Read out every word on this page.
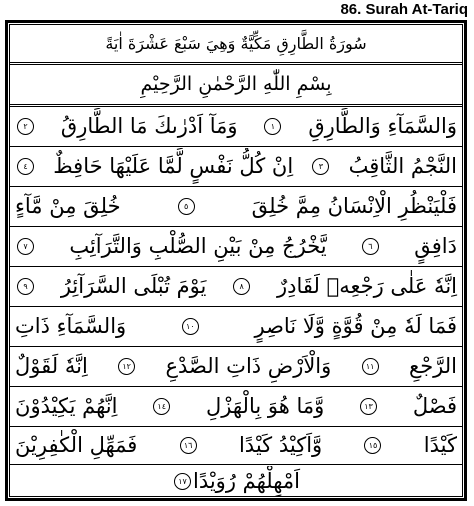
86. Surah At-Tariq
سُورَةُ الطَّارِقِ مَكِّيَّةٌ وَهِيَ سَبْعَ عَشْرَةَ اٰيَةً
بِسْمِ اللّٰهِ الرَّحْمٰنِ الرَّحِيْمِ
وَالسَّمَآءِ وَالطَّارِقِ
١
وَمَآ اَدْرٰىكَ مَا الطَّارِقُ
٢
النَّجْمُ الثَّاقِبُ
٣
اِنْ كُلُّ نَفْسٍ لَّمَّا عَلَيْهَا حَافِظٌ
٤
فَلْيَنْظُرِ الْاِنْسَانُ مِمَّ خُلِقَ
٥
خُلِقَ مِنْ مَّآءٍ
دَافِقٍ
٦
يَّخْرُجُ مِنْ بَيْنِ الصُّلْبِ وَالتَّرَآئِبِ
٧
اِنَّهٗ عَلٰى رَجْعِهٖ لَقَادِرٌ
٨
يَوْمَ تُبْلَى السَّرَآئِرُ
٩
فَمَا لَهٗ مِنْ قُوَّةٍ وَّلَا نَاصِرٍ
١٠
وَالسَّمَآءِ ذَاتِ
الرَّجْعِ
١١
وَالْاَرْضِ ذَاتِ الصَّدْعِ
١٢
اِنَّهٗ لَقَوْلٌ
فَصْلٌ
١٣
وَّمَا هُوَ بِالْهَزْلِ
١٤
اِنَّهُمْ يَكِيْدُوْنَ
كَيْدًا
١٥
وَّاَكِيْدُ كَيْدًا
١٦
فَمَهِّلِ الْكٰفِرِيْنَ
اَمْهِلْهُمْ رُوَيْدًا
١٧
